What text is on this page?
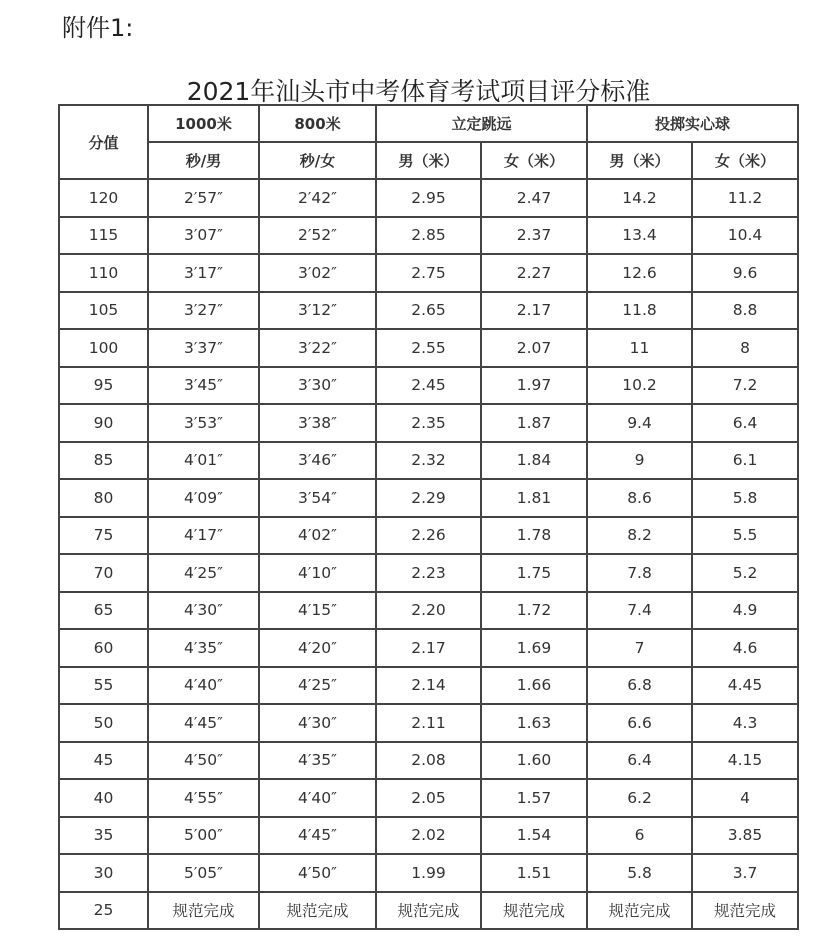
附件1:
2021年汕头市中考体育考试项目评分标准
分值	1000米	800米	立定跳远		投掷实心球	
	秒/男	秒/女	男（米）	女（米）	男（米）	女（米）
120	2′57″	2′42″	2.95	2.47	14.2	11.2
115	3′07″	2′52″	2.85	2.37	13.4	10.4
110	3′17″	3′02″	2.75	2.27	12.6	9.6
105	3′27″	3′12″	2.65	2.17	11.8	8.8
100	3′37″	3′22″	2.55	2.07	11	8
95	3′45″	3′30″	2.45	1.97	10.2	7.2
90	3′53″	3′38″	2.35	1.87	9.4	6.4
85	4′01″	3′46″	2.32	1.84	9	6.1
80	4′09″	3′54″	2.29	1.81	8.6	5.8
75	4′17″	4′02″	2.26	1.78	8.2	5.5
70	4′25″	4′10″	2.23	1.75	7.8	5.2
65	4′30″	4′15″	2.20	1.72	7.4	4.9
60	4′35″	4′20″	2.17	1.69	7	4.6
55	4′40″	4′25″	2.14	1.66	6.8	4.45
50	4′45″	4′30″	2.11	1.63	6.6	4.3
45	4′50″	4′35″	2.08	1.60	6.4	4.15
40	4′55″	4′40″	2.05	1.57	6.2	4
35	5′00″	4′45″	2.02	1.54	6	3.85
30	5′05″	4′50″	1.99	1.51	5.8	3.7
25	规范完成	规范完成	规范完成	规范完成	规范完成	规范完成
